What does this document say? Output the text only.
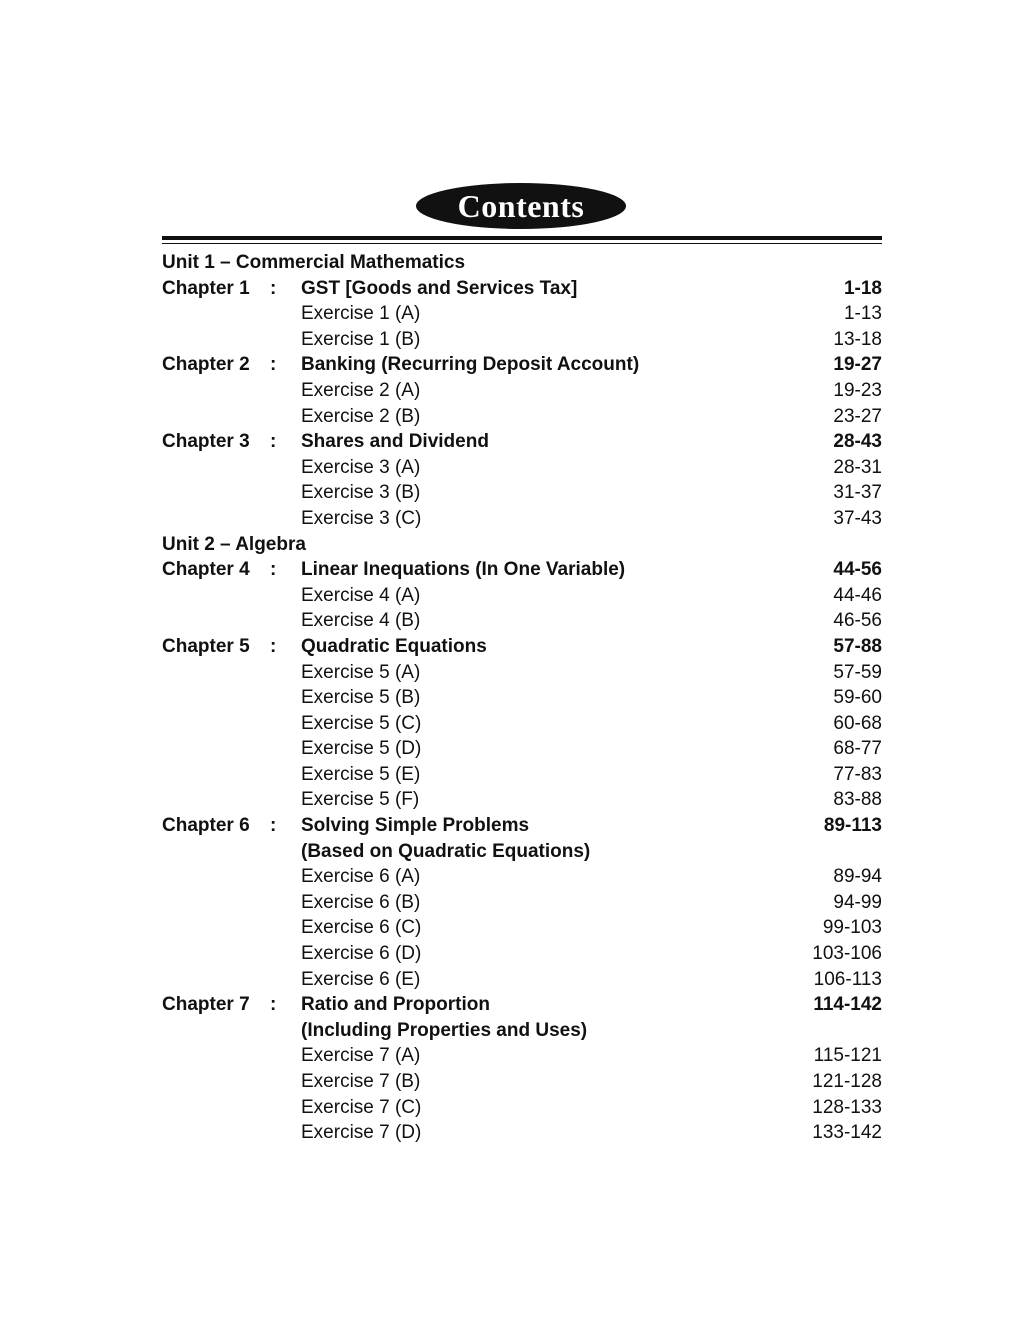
Contents
Unit 1 – Commercial Mathematics
Chapter 1 : GST [Goods and Services Tax]	1-18
Exercise 1 (A)	1-13
Exercise 1 (B)	13-18
Chapter 2 : Banking (Recurring Deposit Account)	19-27
Exercise 2 (A)	19-23
Exercise 2 (B)	23-27
Chapter 3 : Shares and Dividend	28-43
Exercise 3 (A)	28-31
Exercise 3 (B)	31-37
Exercise 3 (C)	37-43
Unit 2 – Algebra
Chapter 4 : Linear Inequations (In One Variable)	44-56
Exercise 4 (A)	44-46
Exercise 4 (B)	46-56
Chapter 5 : Quadratic Equations	57-88
Exercise 5 (A)	57-59
Exercise 5 (B)	59-60
Exercise 5 (C)	60-68
Exercise 5 (D)	68-77
Exercise 5 (E)	77-83
Exercise 5 (F)	83-88
Chapter 6 : Solving Simple Problems	89-113
(Based on Quadratic Equations)
Exercise 6 (A)	89-94
Exercise 6 (B)	94-99
Exercise 6 (C)	99-103
Exercise 6 (D)	103-106
Exercise 6 (E)	106-113
Chapter 7 : Ratio and Proportion	114-142
(Including Properties and Uses)
Exercise 7 (A)	115-121
Exercise 7 (B)	121-128
Exercise 7 (C)	128-133
Exercise 7 (D)	133-142
